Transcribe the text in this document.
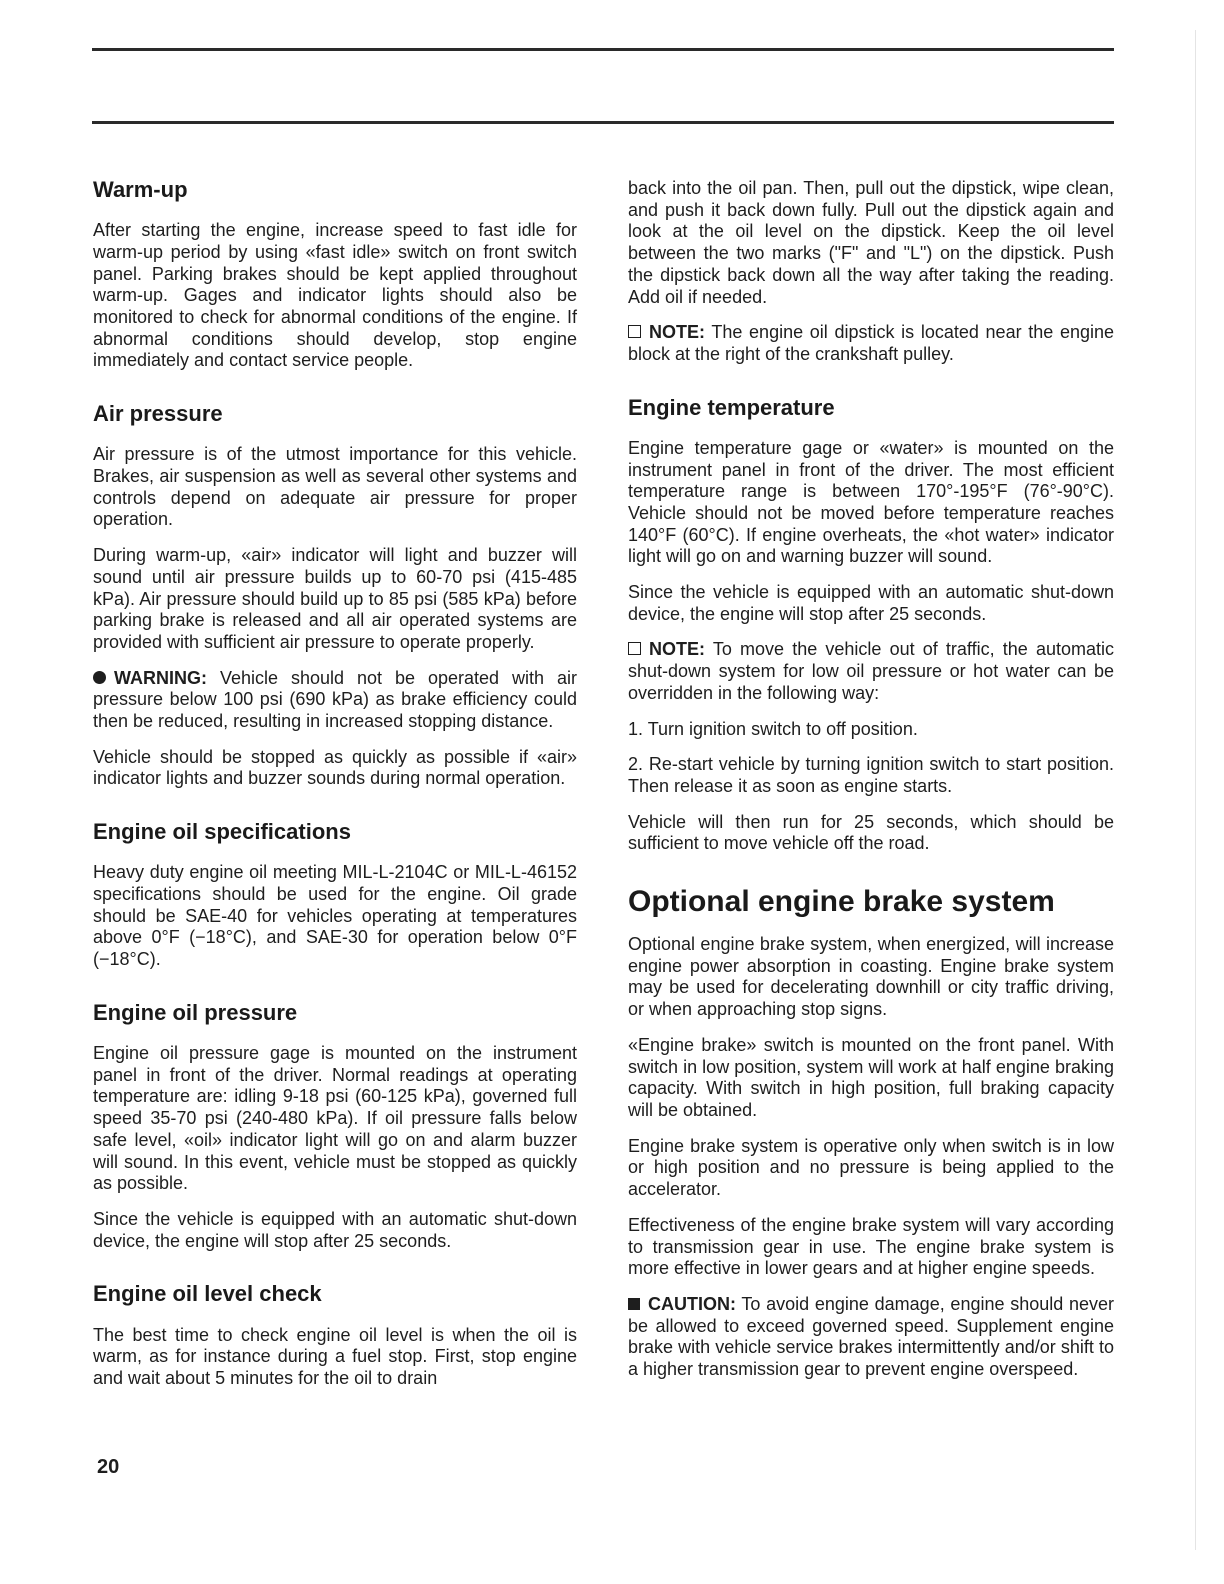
Warm-up

After starting the engine, increase speed to fast idle for warm-up period by using «fast idle» switch on front switch panel. Parking brakes should be kept applied throughout warm-up. Gages and indicator lights should also be monitored to check for abnormal conditions of the engine. If abnormal conditions should develop, stop engine immediately and contact service people.

Air pressure

Air pressure is of the utmost importance for this vehicle. Brakes, air suspension as well as several other systems and controls depend on adequate air pressure for proper operation.

During warm-up, «air» indicator will light and buzzer will sound until air pressure builds up to 60-70 psi (415-485 kPa). Air pressure should build up to 85 psi (585 kPa) before parking brake is released and all air operated systems are provided with sufficient air pressure to operate properly.

WARNING: Vehicle should not be operated with air pressure below 100 psi (690 kPa) as brake efficiency could then be reduced, resulting in increased stopping distance.

Vehicle should be stopped as quickly as possible if «air» indicator lights and buzzer sounds during normal operation.

Engine oil specifications

Heavy duty engine oil meeting MIL-L-2104C or MIL-L-46152 specifications should be used for the engine. Oil grade should be SAE-40 for vehicles operating at temperatures above 0°F (−18°C), and SAE-30 for operation below 0°F (−18°C).

Engine oil pressure

Engine oil pressure gage is mounted on the instrument panel in front of the driver. Normal readings at operating temperature are: idling 9-18 psi (60-125 kPa), governed full speed 35-70 psi (240-480 kPa). If oil pressure falls below safe level, «oil» indicator light will go on and alarm buzzer will sound. In this event, vehicle must be stopped as quickly as possible.

Since the vehicle is equipped with an automatic shut-down device, the engine will stop after 25 seconds.

Engine oil level check

The best time to check engine oil level is when the oil is warm, as for instance during a fuel stop. First, stop engine and wait about 5 minutes for the oil to drain

back into the oil pan. Then, pull out the dipstick, wipe clean, and push it back down fully. Pull out the dipstick again and look at the oil level on the dipstick. Keep the oil level between the two marks ("F" and "L") on the dipstick. Push the dipstick back down all the way after taking the reading. Add oil if needed.

NOTE: The engine oil dipstick is located near the engine block at the right of the crankshaft pulley.

Engine temperature

Engine temperature gage or «water» is mounted on the instrument panel in front of the driver. The most efficient temperature range is between 170°-195°F (76°-90°C). Vehicle should not be moved before temperature reaches 140°F (60°C). If engine overheats, the «hot water» indicator light will go on and warning buzzer will sound.

Since the vehicle is equipped with an automatic shut-down device, the engine will stop after 25 seconds.

NOTE: To move the vehicle out of traffic, the automatic shut-down system for low oil pressure or hot water can be overridden in the following way:

1. Turn ignition switch to off position.

2. Re-start vehicle by turning ignition switch to start position. Then release it as soon as engine starts.

Vehicle will then run for 25 seconds, which should be sufficient to move vehicle off the road.

Optional engine brake system

Optional engine brake system, when energized, will increase engine power absorption in coasting. Engine brake system may be used for decelerating downhill or city traffic driving, or when approaching stop signs.

«Engine brake» switch is mounted on the front panel. With switch in low position, system will work at half engine braking capacity. With switch in high position, full braking capacity will be obtained.

Engine brake system is operative only when switch is in low or high position and no pressure is being applied to the accelerator.

Effectiveness of the engine brake system will vary according to transmission gear in use. The engine brake system is more effective in lower gears and at higher engine speeds.

CAUTION: To avoid engine damage, engine should never be allowed to exceed governed speed. Supplement engine brake with vehicle service brakes intermittently and/or shift to a higher transmission gear to prevent engine overspeed.

20
